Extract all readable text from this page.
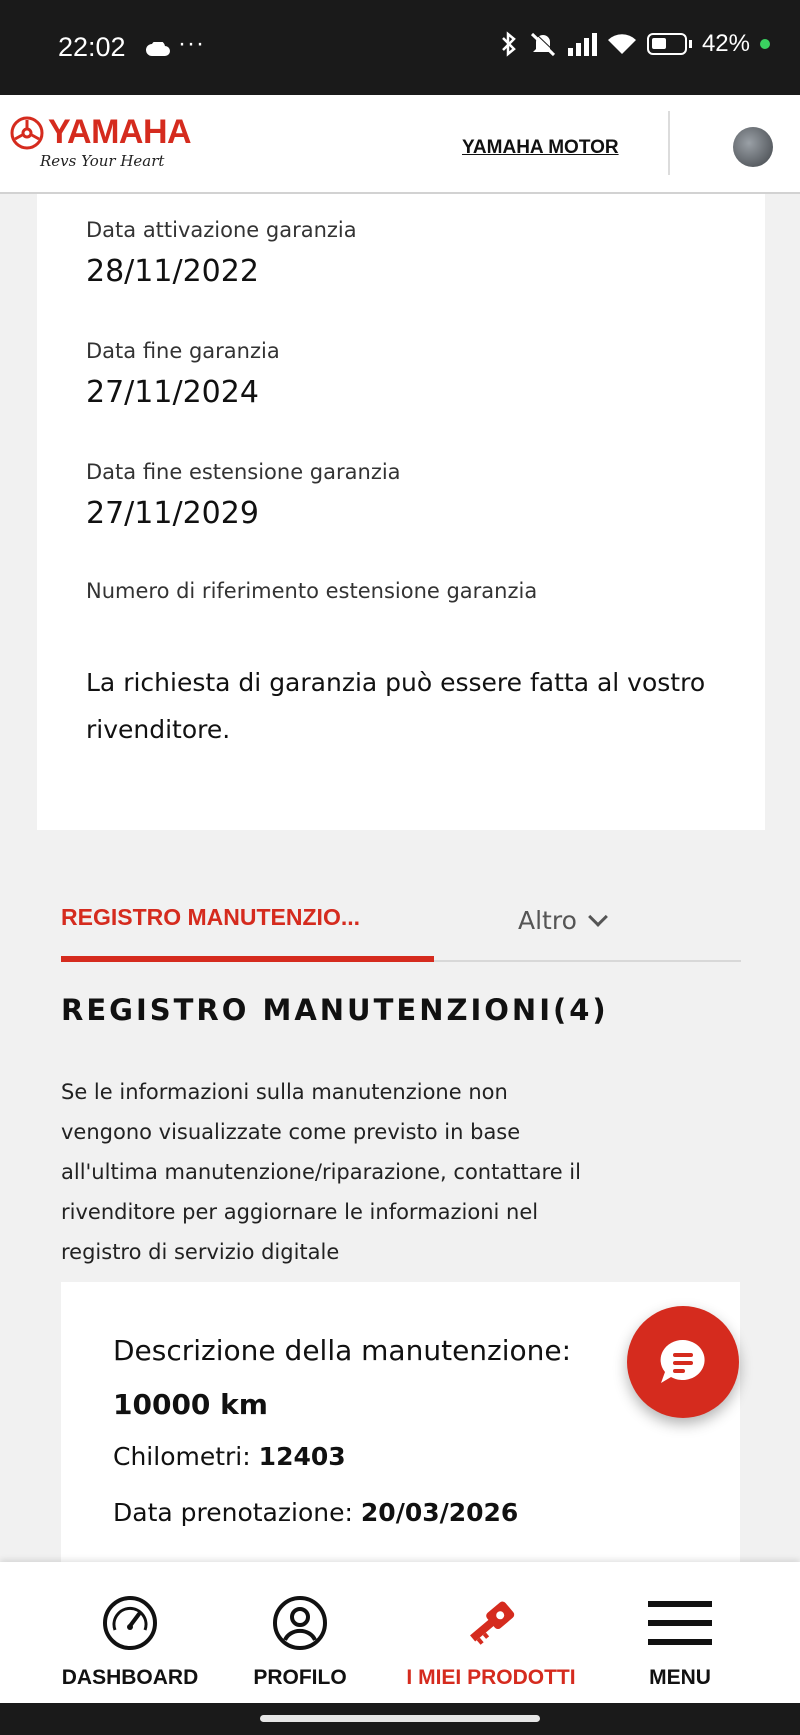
22:02 ···	42%
YAMAHA
Revs Your Heart
YAMAHA MOTOR
Data attivazione garanzia
28/11/2022
Data fine garanzia
27/11/2024
Data fine estensione garanzia
27/11/2029
Numero di riferimento estensione garanzia
La richiesta di garanzia può essere fatta al vostro rivenditore.
REGISTRO MANUTENZIO...	Altro
REGISTRO MANUTENZIONI(4)
Se le informazioni sulla manutenzione non vengono visualizzate come previsto in base all'ultima manutenzione/riparazione, contattare il rivenditore per aggiornare le informazioni nel registro di servizio digitale
Descrizione della manutenzione:
10000 km
Chilometri: 12403
Data prenotazione: 20/03/2026
DASHBOARD	PROFILO	I MIEI PRODOTTI	MENU
